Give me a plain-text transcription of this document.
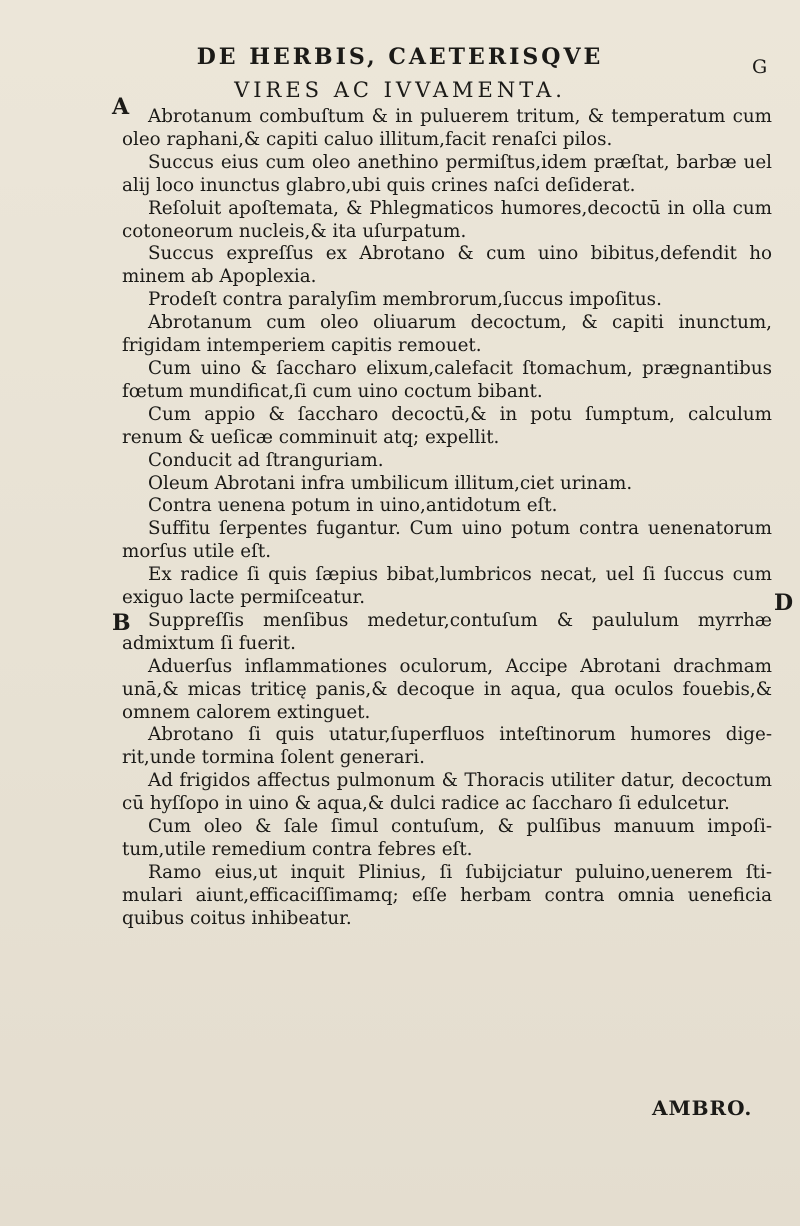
DE HERBIS, CAETERISQVE
VIRES AC IVVAMENTA.
G
A
B
D

Abrotanum combuſtum & in puluerem tritum, & temperatum cum oleo raphani,& capiti caluo illitum,facit renaſci pilos.

Succus eius cum oleo anethino permiſtus,idem præſtat, barbæ uel alij loco inunctus glabro,ubi quis crines naſci deſiderat.

Reſoluit apoſtemata, & Phlegmaticos humores,decoctū in olla cum cotoneorum nucleis,& ita uſurpatum.

Succus expreſſus ex Abrotano & cum uino bibitus,defendit ho minem ab Apoplexia.

Prodeſt contra paralyſim membrorum,ſuccus impoſitus.

Abrotanum cum oleo oliuarum decoctum, & capiti inunctum, frigidam intemperiem capitis remouet.

Cum uino & ſaccharo elixum,calefacit ſtomachum, prægnantibus fœtum mundificat,ſi cum uino coctum bibant.

Cum appio & ſaccharo decoctū,& in potu ſumptum, calculum renum & ueſicæ comminuit atq; expellit.

Conducit ad ſtranguriam.

Oleum Abrotani infra umbilicum illitum,ciet urinam.

Contra uenena potum in uino,antidotum eſt.

Suffitu ſerpentes fugantur. Cum uino potum contra uenenatorum morſus utile eſt.

Ex radice ſi quis ſæpius bibat,lumbricos necat, uel ſi ſuccus cum exiguo lacte permiſceatur.

Suppreſſis menſibus medetur,contuſum & paululum myrrhæ admixtum ſi fuerit.

Aduerſus inflammationes oculorum, Accipe Abrotani drachmam unā,& micas triticę panis,& decoque in aqua, qua oculos fouebis,& omnem calorem extinguet.

Abrotano ſi quis utatur,ſuperfluos inteſtinorum humores digerit,unde tormina ſolent generari.

Ad frigidos affectus pulmonum & Thoracis utiliter datur, decoctum cū hyſſopo in uino & aqua,& dulci radice ac ſaccharo ſi edulcetur.

Cum oleo & ſale ſimul contuſum, & pulſibus manuum impoſitum,utile remedium contra febres eſt.

Ramo eius,ut inquit Plinius, ſi ſubijciatur puluino,uenerem ſtimulari aiunt,efficaciſſimamq; eſſe herbam contra omnia ueneficia quibus coitus inhibeatur.

AMBRO.
